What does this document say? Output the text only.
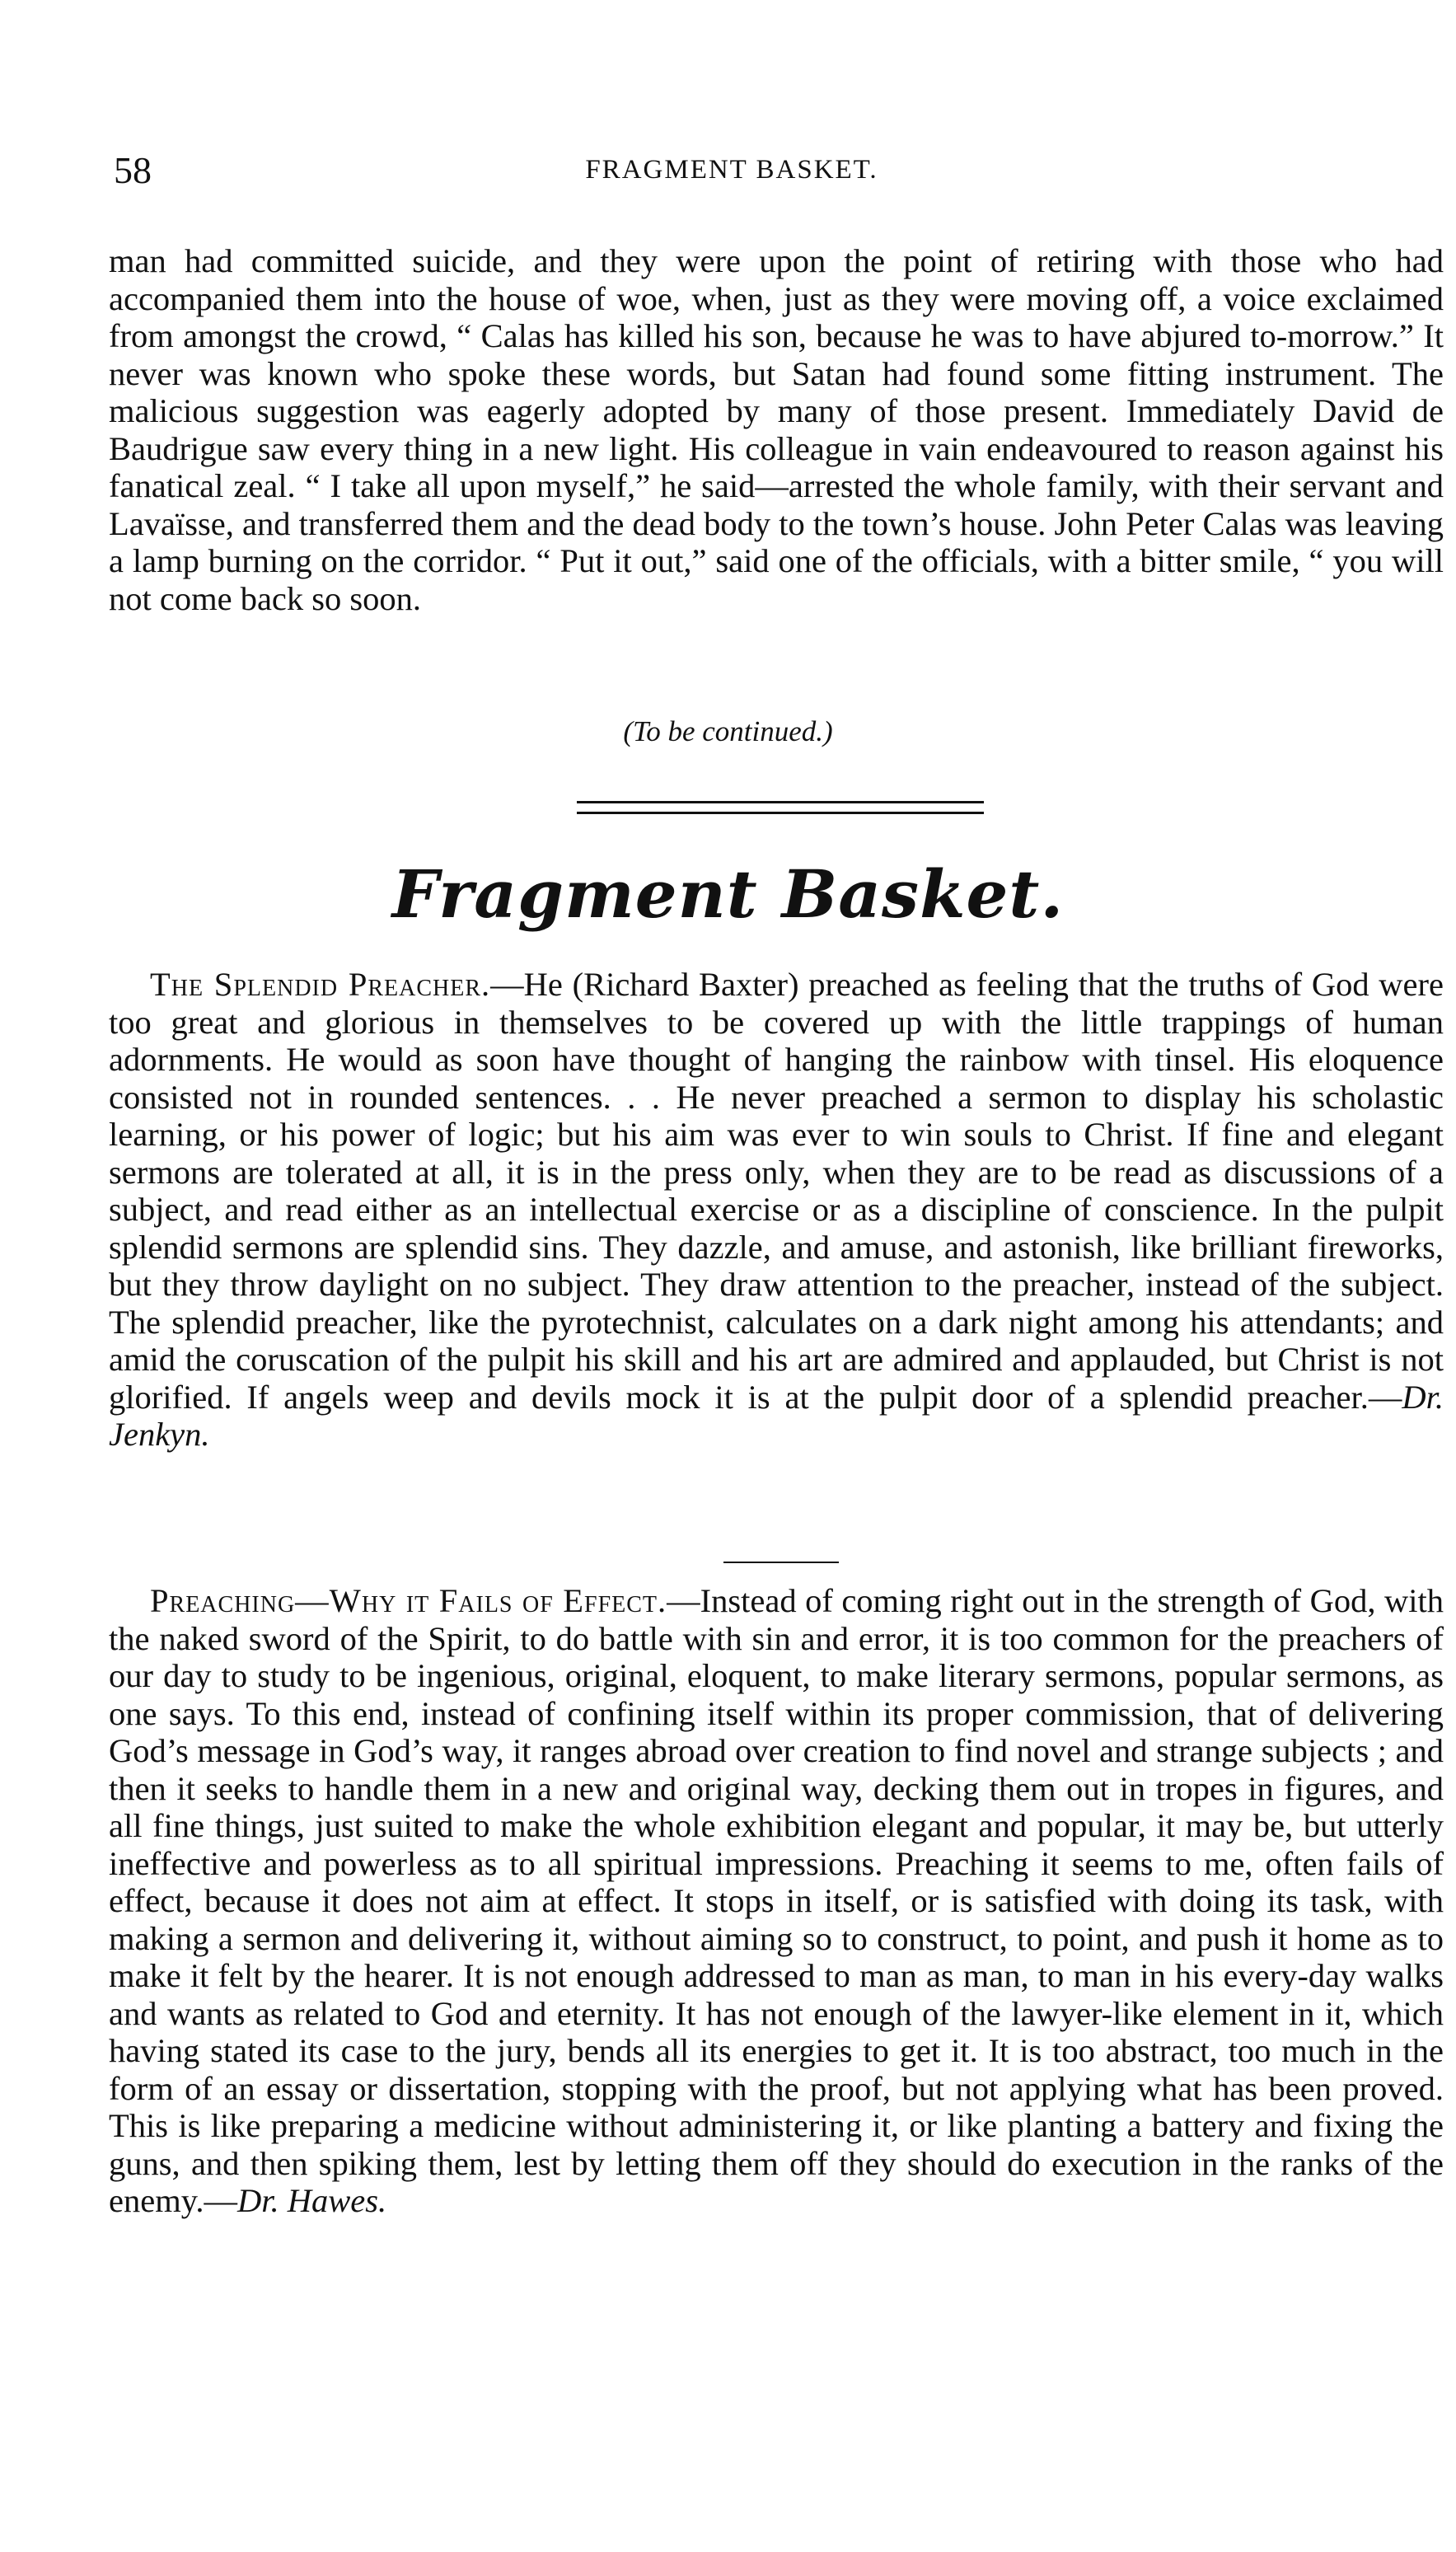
58	FRAGMENT BASKET.
man had committed suicide, and they were upon the point of retiring with those who had accompanied them into the house of woe, when, just as they were moving off, a voice exclaimed from amongst the crowd, “ Calas has killed his son, because he was to have abjured to-morrow.” It never was known who spoke these words, but Satan had found some fitting instrument. The malicious suggestion was eagerly adopted by many of those present. Immediately David de Baudrigue saw every thing in a new light. His colleague in vain endeavoured to reason against his fanatical zeal. “ I take all upon myself,” he said—arrested the whole family, with their servant and Lavaïsse, and transferred them and the dead body to the town’s house. John Peter Calas was leaving a lamp burning on the corridor. “ Put it out,” said one of the officials, with a bitter smile, “ you will not come back so soon.
(To be continued.)
Fragment Basket.
The Splendid Preacher.—He (Richard Baxter) preached as feeling that the truths of God were too great and glorious in themselves to be covered up with the little trappings of human adornments. He would as soon have thought of hanging the rainbow with tinsel. His eloquence consisted not in rounded sentences. . . He never preached a sermon to display his scholastic learning, or his power of logic; but his aim was ever to win souls to Christ. If fine and elegant sermons are tolerated at all, it is in the press only, when they are to be read as discussions of a subject, and read either as an intellectual exercise or as a discipline of conscience. In the pulpit splendid sermons are splendid sins. They dazzle, and amuse, and astonish, like brilliant fireworks, but they throw daylight on no subject. They draw attention to the preacher, instead of the subject. The splendid preacher, like the pyrotechnist, calculates on a dark night among his attendants; and amid the coruscation of the pulpit his skill and his art are admired and applauded, but Christ is not glorified. If angels weep and devils mock it is at the pulpit door of a splendid preacher.—Dr. Jenkyn.
Preaching—Why it Fails of Effect.—Instead of coming right out in the strength of God, with the naked sword of the Spirit, to do battle with sin and error, it is too common for the preachers of our day to study to be ingenious, original, eloquent, to make literary sermons, popular sermons, as one says. To this end, instead of confining itself within its proper commission, that of delivering God’s message in God’s way, it ranges abroad over creation to find novel and strange subjects ; and then it seeks to handle them in a new and original way, decking them out in tropes in figures, and all fine things, just suited to make the whole exhibition elegant and popular, it may be, but utterly ineffective and powerless as to all spiritual impressions. Preaching it seems to me, often fails of effect, because it does not aim at effect. It stops in itself, or is satisfied with doing its task, with making a sermon and delivering it, without aiming so to construct, to point, and push it home as to make it felt by the hearer. It is not enough addressed to man as man, to man in his every-day walks and wants as related to God and eternity. It has not enough of the lawyer-like element in it, which having stated its case to the jury, bends all its energies to get it. It is too abstract, too much in the form of an essay or dissertation, stopping with the proof, but not applying what has been proved. This is like preparing a medicine without administering it, or like planting a battery and fixing the guns, and then spiking them, lest by letting them off they should do execution in the ranks of the enemy.—Dr. Hawes.
